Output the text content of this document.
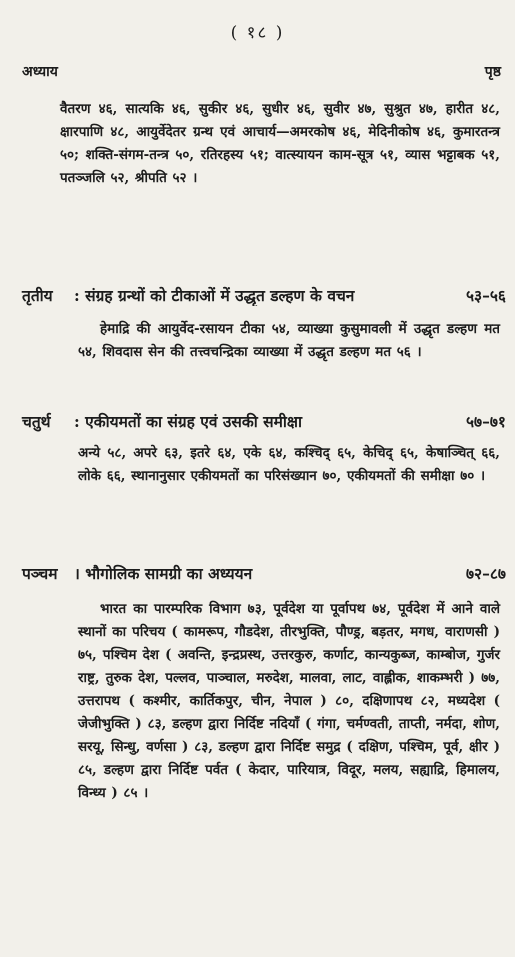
( १८ )
अध्याय	पृष्ठ

वैतरण ४६, सात्यकि ४६, सुकीर ४६, सुधीर ४६, सुवीर ४७, सुश्रुत ४७, हारीत ४८, क्षारपाणि ४८, आयुर्वेदेतर ग्रन्थ एवं आचार्य—अमरकोष ४६, मेदिनीकोष ४६, कुमारतन्त्र ५०; शक्ति-संगम-तन्त्र ५०, रतिरहस्य ५१; वात्स्यायन काम-सूत्र ५१, व्यास भट्टाबक ५१, पतञ्जलि ५२, श्रीपति ५२ ।

तृतीय	: संग्रह ग्रन्थों को टीकाओं में उद्धृत डल्हण के वचन	५३–५६

हेमाद्रि की आयुर्वेद-रसायन टीका ५४, व्याख्या कुसुमावली में उद्धृत डल्हण मत ५४, शिवदास सेन की तत्त्वचन्द्रिका व्याख्या में उद्धृत डल्हण मत ५६ ।

चतुर्थ	: एकीयमतों का संग्रह एवं उसकी समीक्षा	५७–७१

अन्ये ५८, अपरे ६३, इतरे ६४, एके ६४, कश्चिद् ६५, केचिद् ६५, केषाञ्चित् ६६, लोके ६६, स्थानानुसार एकीयमतों का परिसंख्यान ७०, एकीयमतों की समीक्षा ७० ।

पञ्चम	। भौगोलिक सामग्री का अध्ययन	७२–८७

भारत का पारम्परिक विभाग ७३, पूर्वदेश या पूर्वापथ ७४, पूर्वदेश में आने वाले स्थानों का परिचय ( कामरूप, गौडदेश, तीरभुक्ति, पौण्ड्र, बड़तर, मगध, वाराणसी ) ७५, पश्चिम देश ( अवन्ति, इन्द्रप्रस्थ, उत्तरकुरु, कर्णाट, कान्यकुब्ज, काम्बोज, गुर्जर राष्ट्र, तुरुक देश, पल्लव, पाञ्चाल, मरुदेश, मालवा, लाट, वाह्लीक, शाकम्भरी ) ७७, उत्तरापथ ( कश्मीर, कार्तिकपुर, चीन, नेपाल ) ८०, दक्षिणापथ ८२, मध्यदेश ( जेजीभुक्ति ) ८३, डल्हण द्वारा निर्दिष्ट नदियाँ ( गंगा, चर्मण्वती, ताप्ती, नर्मदा, शोण, सरयू, सिन्धु, वर्णसा ) ८३, डल्हण द्वारा निर्दिष्ट समुद्र ( दक्षिण, पश्चिम, पूर्व, क्षीर ) ८५, डल्हण द्वारा निर्दिष्ट पर्वत ( केदार, पारियात्र, विदूर, मलय, सह्याद्रि, हिमालय, विन्ध्य ) ८५ ।
